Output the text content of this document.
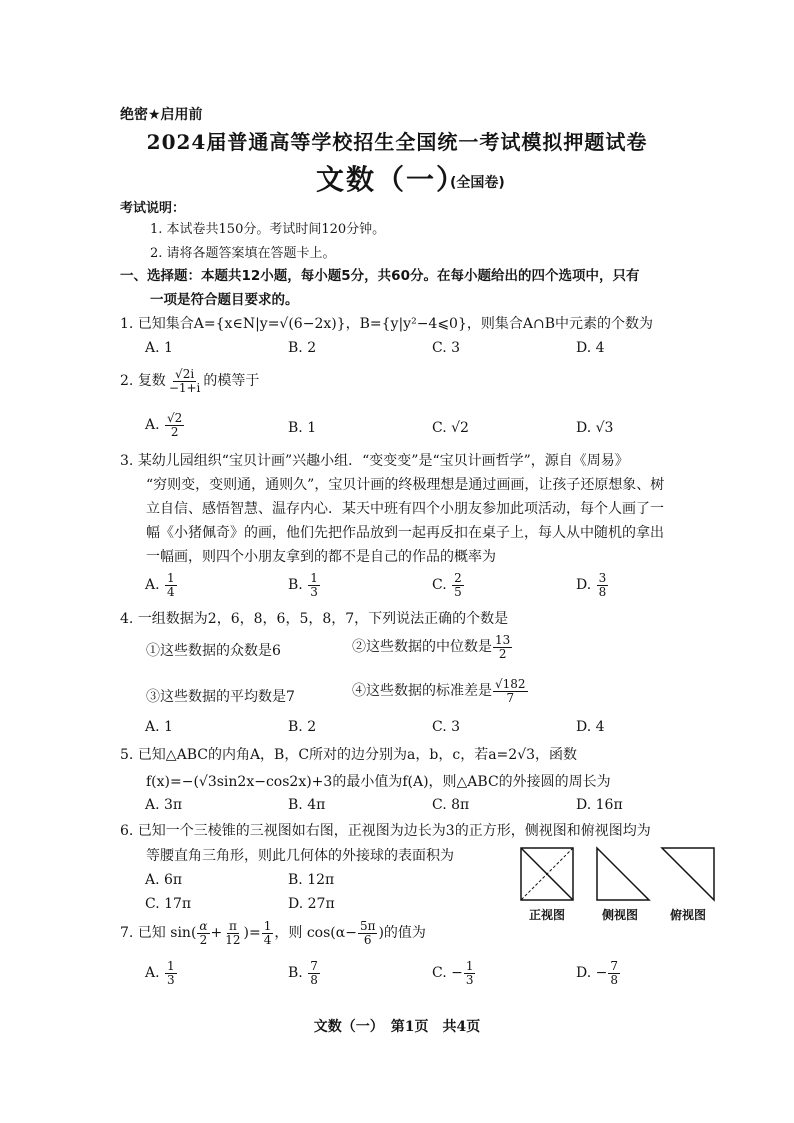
绝密★启用前
2024届普通高等学校招生全国统一考试模拟押题试卷
文数（一）
(全国卷)
考试说明：
1. 本试卷共150分。考试时间120分钟。
2. 请将各题答案填在答题卡上。
一、选择题：本题共12小题，每小题5分，共60分。在每小题给出的四个选项中，只有
一项是符合题目要求的。
1. 已知集合A={x∈N|y=√(6−2x)}，B={y|y²−4⩽0}，则集合A∩B中元素的个数为
A. 1	B. 2	C. 3	D. 4
2.
复数 $\frac{√2i}{-1+i}$ 的模等于
A.
$\frac{√2}{2}$	B. 1	C. √2	D. √3
3. 某幼儿园组织“宝贝计画”兴趣小组．“变变变”是“宝贝计画哲学”，源自《周易》
“穷则变，变则通，通则久”，宝贝计画的终极理想是通过画画，让孩子还原想象、树
立自信、感悟智慧、温存内心．某天中班有四个小朋友参加此项活动，每个人画了一
幅《小猪佩奇》的画，他们先把作品放到一起再反扣在桌子上，每人从中随机的拿出
一幅画，则四个小朋友拿到的都不是自己的作品的概率为
A.
$\frac{1}{4}$	B.
$\frac{1}{3}$	C.
$\frac{2}{5}$	D.
$\frac{3}{8}$
4. 一组数据为2，6，8，6，5，8，7，下列说法正确的个数是
①这些数据的众数是6	②这些数据的中位数是 $\frac{13}{2}$
③这些数据的平均数是7	④这些数据的标准差是 $\frac{√182}{7}$
A. 1	B. 2	C. 3	D. 4
5. 已知△ABC的内角A，B，C所对的边分别为a，b，c，若a=2√3，函数
f(x)=−(√3sin2x−cos2x)+3的最小值为f(A)，则△ABC的外接圆的周长为
A. 3π	B. 4π	C. 8π	D. 16π
6. 已知一个三棱锥的三视图如右图，正视图为边长为3的正方形，侧视图和俯视图均为
等腰直角三角形，则此几何体的外接球的表面积为
A. 6π	B. 12π
C. 17π	D. 27π
正视图	侧视图	俯视图
7.
已知 $\sin( \frac{\alpha}{2} + \frac{\pi}{12}$ )= $\frac{1}{4}$ ，则 $\cos(\alpha- \frac{5\pi}{6}$ )的值为
A.
$\frac{1}{3}$	B.
$\frac{7}{8}$	C. − $\frac{1}{3}$	D. − $\frac{7}{8}$
文数（一）　第1页　共4页
